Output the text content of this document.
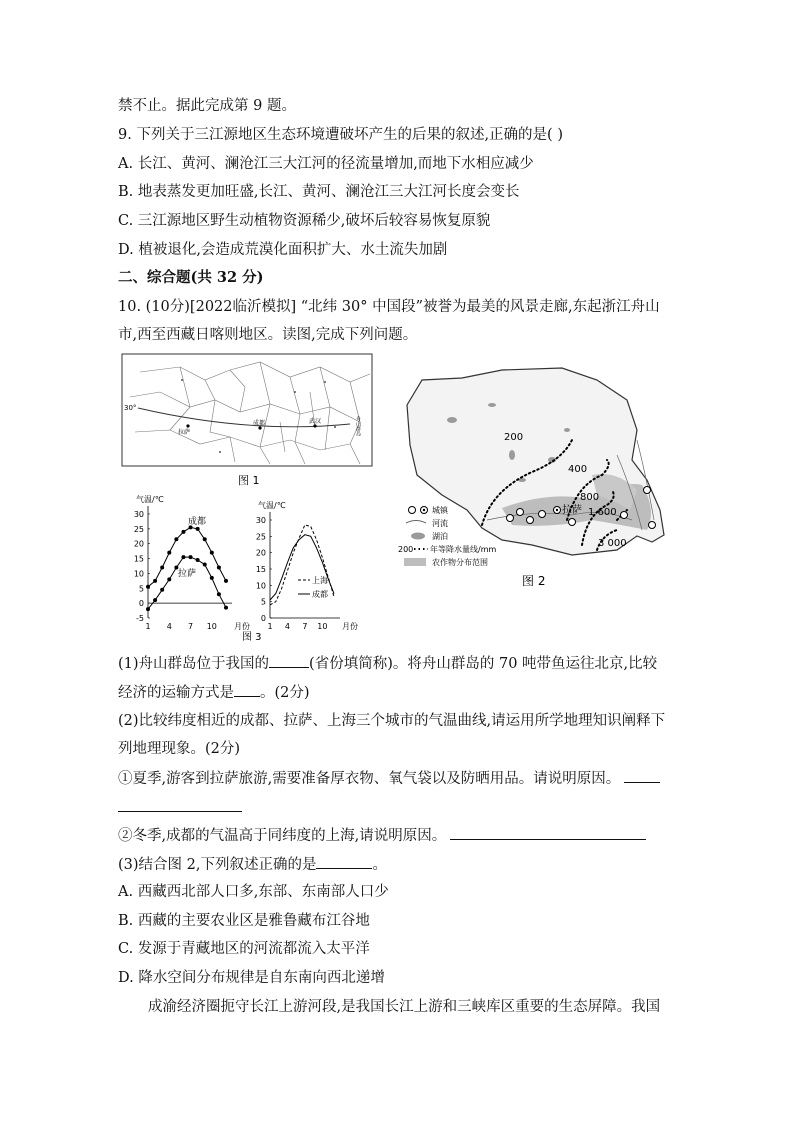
禁不止。据此完成第 9 题。
9. 下列关于三江源地区生态环境遭破坏产生的后果的叙述,正确的是( )
A. 长江、黄河、澜沧江三大江河的径流量增加,而地下水相应减少
B. 地表蒸发更加旺盛,长江、黄河、澜沧江三大江河长度会变长
C. 三江源地区野生动植物资源稀少,破坏后较容易恢复原貌
D. 植被退化,会造成荒漠化面积扩大、水土流失加剧
二、综合题(共 32 分)
10. (10分)[2022临沂模拟] “北纬 30° 中国段”被誉为最美的风景走廊,东起浙江舟山
市,西至西藏日喀则地区。读图,完成下列问题。
30°
拉萨
成都	武汉	舟山群岛
图 1
200
400
800
1 600
3 000
拉萨
城镇
河流
湖泊
200 年等降水量线/mm
农作物分布范围
图 2
气温/℃
-5
0
5
10
15
20
25
30
1 4 7 10 月份
成都
拉萨
气温/℃
0
5
10
15
20
25
30
1 4 7 10 月份
上海
成都
图 3
(1)舟山群岛位于我国的	(省份填简称)。将舟山群岛的 70 吨带鱼运往北京,比较
经济的运输方式是 。(2分)
(2)比较纬度相近的成都、拉萨、上海三个城市的气温曲线,请运用所学地理知识阐释下
列地理现象。(2分)
①夏季,游客到拉萨旅游,需要准备厚衣物、氧气袋以及防晒用品。请说明原因。
②冬季,成都的气温高于同纬度的上海,请说明原因。
(3)结合图 2,下列叙述正确的是	。
A. 西藏西北部人口多,东部、东南部人口少
B. 西藏的主要农业区是雅鲁藏布江谷地
C. 发源于青藏地区的河流都流入太平洋
D. 降水空间分布规律是自东南向西北递增
成渝经济圈扼守长江上游河段,是我国长江上游和三峡库区重要的生态屏障。我国
